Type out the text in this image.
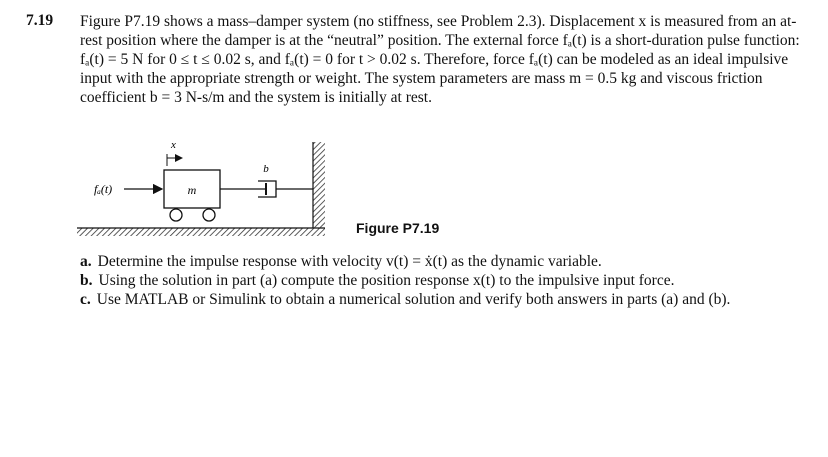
7.19 Figure P7.19 shows a mass–damper system (no stiffness, see Problem 2.3). Displacement x is measured from an at-rest position where the damper is at the “neutral” position. The external force fₐ(t) is a short-duration pulse function: fₐ(t) = 5 N for 0 ≤ t ≤ 0.02 s, and fₐ(t) = 0 for t > 0.02 s. Therefore, force fₐ(t) can be modeled as an ideal impulsive input with the appropriate strength or weight. The system parameters are mass m = 0.5 kg and viscous friction coefficient b = 3 N-s/m and the system is initially at rest.
m
x
fₐ(t)
b
Figure P7.19
a. Determine the impulse response with velocity v(t) = ẋ(t) as the dynamic variable.
b. Using the solution in part (a) compute the position response x(t) to the impulsive input force.
c. Use MATLAB or Simulink to obtain a numerical solution and verify both answers in parts (a) and (b).
